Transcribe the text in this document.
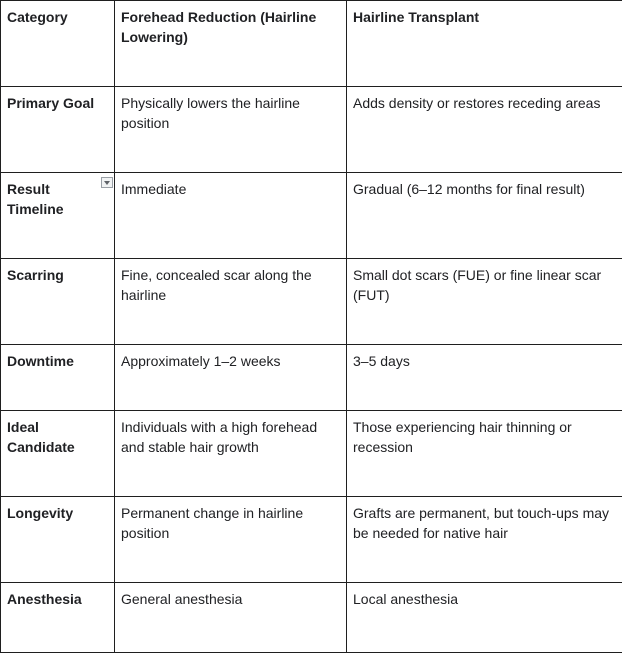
Category	Forehead Reduction (Hairline Lowering)	Hairline Transplant
Primary Goal	Physically lowers the hairline position	Adds density or restores receding areas
Result Timeline	Immediate	Gradual (6–12 months for final result)
Scarring	Fine, concealed scar along the hairline	Small dot scars (FUE) or fine linear scar (FUT)
Downtime	Approximately 1–2 weeks	3–5 days
Ideal Candidate	Individuals with a high forehead and stable hair growth	Those experiencing hair thinning or recession
Longevity	Permanent change in hairline position	Grafts are permanent, but touch-ups may be needed for native hair
Anesthesia	General anesthesia	Local anesthesia
